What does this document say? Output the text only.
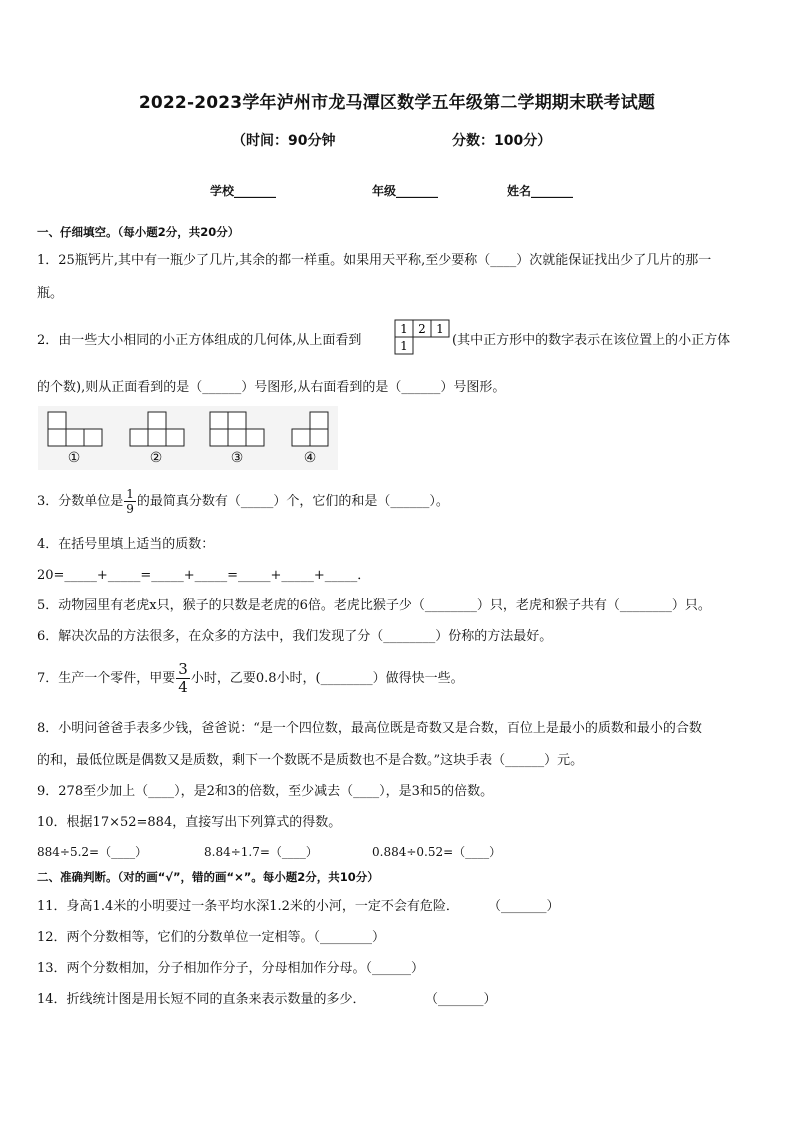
2022-2023学年泸州市龙马潭区数学五年级第二学期期末联考试题
（时间：90分钟	分数：100分）
学校_______	年级_______	姓名_______
一、仔细填空。（每小题2分，共20分）
1．25瓶钙片,其中有一瓶少了几片,其余的都一样重。如果用天平称,至少要称（____）次就能保证找出少了几片的那一
瓶。
2．由一些大小相同的小正方体组成的几何体,从上面看到
1 2 1
1	(其中正方形中的数字表示在该位置上的小正方体
的个数),则从正面看到的是（______）号图形,从右面看到的是（______）号图形。
①	②	③	④
3．分数单位是 $\frac{1}{9}$ 的最简真分数有（_____）个，它们的和是（______）。
4．在括号里填上适当的质数：
20=_____+_____=_____+_____=_____+_____+_____．
5．动物园里有老虎x只，猴子的只数是老虎的6倍。老虎比猴子少（________）只，老虎和猴子共有（________）只。
6．解决次品的方法很多，在众多的方法中，我们发现了分（________）份称的方法最好。
7．生产一个零件，甲要 $\frac{3}{4}$ 小时，乙要0.8小时，(________）做得快一些。
8．小明问爸爸手表多少钱，爸爸说：“是一个四位数，最高位既是奇数又是合数，百位上是最小的质数和最小的合数
的和，最低位既是偶数又是质数，剩下一个数既不是质数也不是合数。”这块手表（______）元。
9．278至少加上（____），是2和3的倍数，至少减去（____），是3和5的倍数。
10．根据17×52=884，直接写出下列算式的得数。
884÷5.2=（____）	8.84÷1.7=（____）	0.884÷0.52=（____）
二、准确判断。（对的画“√”，错的画“×”。每小题2分，共10分）
11．身高1.4米的小明要过一条平均水深1.2米的小河，一定不会有危险． （_______）
12．两个分数相等，它们的分数单位一定相等。（________）
13．两个分数相加，分子相加作分子，分母相加作分母。（______）
14．折线统计图是用长短不同的直条来表示数量的多少．	（_______）
